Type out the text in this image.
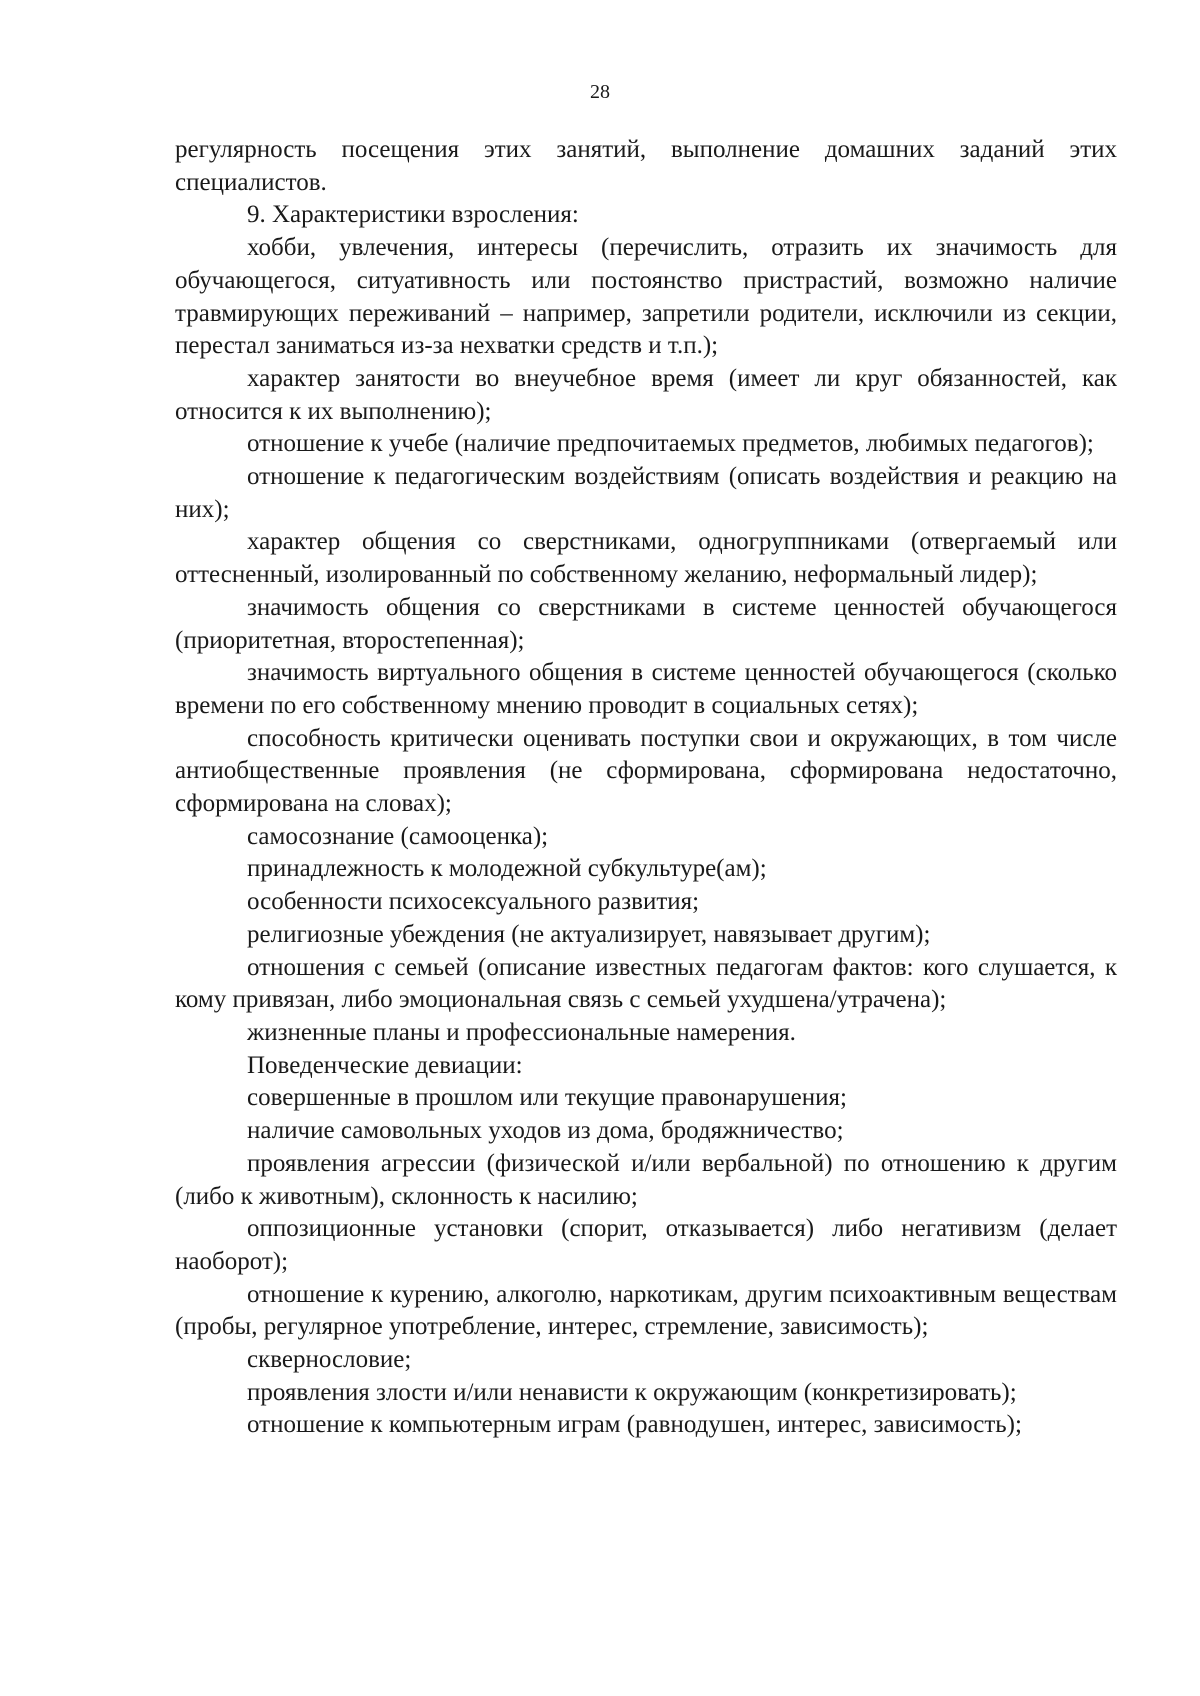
28

регулярность посещения этих занятий, выполнение домашних заданий этих специалистов.

9. Характеристики взросления:

хобби, увлечения, интересы (перечислить, отразить их значимость для обучающегося, ситуативность или постоянство пристрастий, возможно наличие травмирующих переживаний – например, запретили родители, исключили из секции, перестал заниматься из-за нехватки средств и т.п.);

характер занятости во внеучебное время (имеет ли круг обязанностей, как относится к их выполнению);

отношение к учебе (наличие предпочитаемых предметов, любимых педагогов);

отношение к педагогическим воздействиям (описать воздействия и реакцию на них);

характер общения со сверстниками, одногруппниками (отвергаемый или оттесненный, изолированный по собственному желанию, неформальный лидер);

значимость общения со сверстниками в системе ценностей обучающегося (приоритетная, второстепенная);

значимость виртуального общения в системе ценностей обучающегося (сколько времени по его собственному мнению проводит в социальных сетях);

способность критически оценивать поступки свои и окружающих, в том числе антиобщественные проявления (не сформирована, сформирована недостаточно, сформирована на словах);

самосознание (самооценка);

принадлежность к молодежной субкультуре(ам);

особенности психосексуального развития;

религиозные убеждения (не актуализирует, навязывает другим);

отношения с семьей (описание известных педагогам фактов: кого слушается, к кому привязан, либо эмоциональная связь с семьей ухудшена/утрачена);

жизненные планы и профессиональные намерения.

Поведенческие девиации:

совершенные в прошлом или текущие правонарушения;

наличие самовольных уходов из дома, бродяжничество;

проявления агрессии (физической и/или вербальной) по отношению к другим (либо к животным), склонность к насилию;

оппозиционные установки (спорит, отказывается) либо негативизм (делает наоборот);

отношение к курению, алкоголю, наркотикам, другим психоактивным веществам (пробы, регулярное употребление, интерес, стремление, зависимость);

сквернословие;

проявления злости и/или ненависти к окружающим (конкретизировать);

отношение к компьютерным играм (равнодушен, интерес, зависимость);
